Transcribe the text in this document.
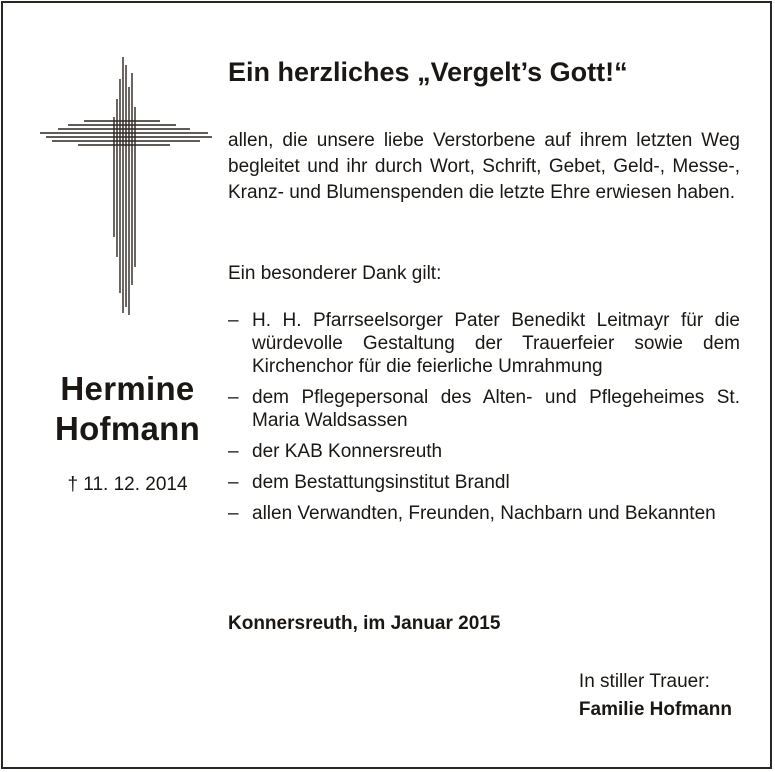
Hermine
Hofmann
† 11. 12. 2014
Ein herzliches „Vergelt’s Gott!“
allen, die unsere liebe Verstorbene auf ihrem letzten Weg begleitet und ihr durch Wort, Schrift, Gebet, Geld-, Messe-, Kranz- und Blumenspenden die letzte Ehre erwiesen haben.
Ein besonderer Dank gilt:
– H. H. Pfarrseelsorger Pater Benedikt Leitmayr für die würdevolle Gestaltung der Trauerfeier sowie dem Kirchenchor für die feierliche Umrahmung
– dem Pflegepersonal des Alten- und Pflegeheimes St. Maria Waldsassen
– der KAB Konnersreuth
– dem Bestattungsinstitut Brandl
– allen Verwandten, Freunden, Nachbarn und Bekannten
Konnersreuth, im Januar 2015
In stiller Trauer:
Familie Hofmann
